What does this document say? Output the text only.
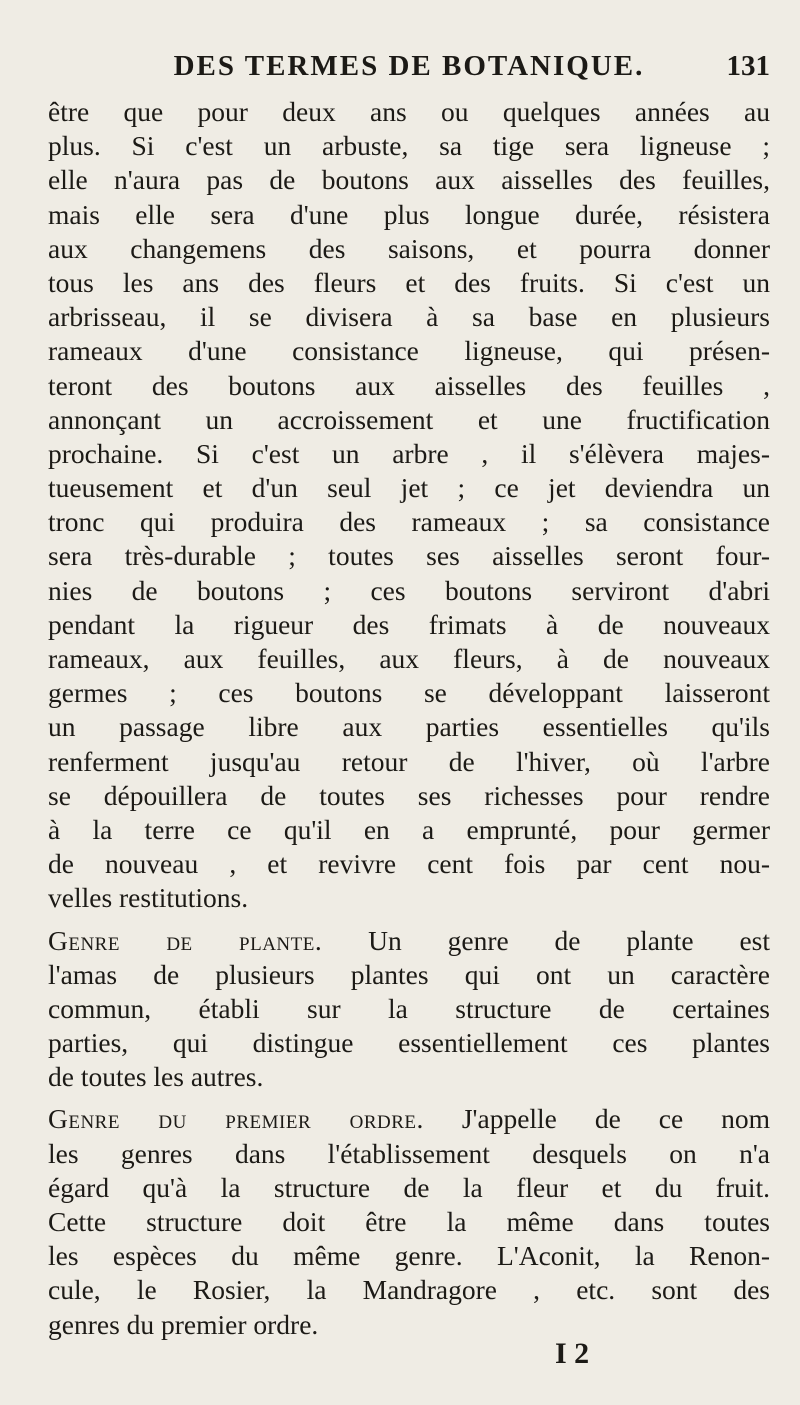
DES TERMES DE BOTANIQUE.	131
être que pour deux ans ou quelques années au
plus. Si c'est un arbuste, sa tige sera ligneuse ;
elle n'aura pas de boutons aux aisselles des feuilles,
mais elle sera d'une plus longue durée, résistera
aux changemens des saisons, et pourra donner
tous les ans des fleurs et des fruits. Si c'est un
arbrisseau, il se divisera à sa base en plusieurs
rameaux d'une consistance ligneuse, qui présen-
teront des boutons aux aisselles des feuilles ,
annonçant un accroissement et une fructification
prochaine. Si c'est un arbre , il s'élèvera majes-
tueusement et d'un seul jet ; ce jet deviendra un
tronc qui produira des rameaux ; sa consistance
sera très-durable ; toutes ses aisselles seront four-
nies de boutons ; ces boutons serviront d'abri
pendant la rigueur des frimats à de nouveaux
rameaux, aux feuilles, aux fleurs, à de nouveaux
germes ; ces boutons se développant laisseront
un passage libre aux parties essentielles qu'ils
renferment jusqu'au retour de l'hiver, où l'arbre
se dépouillera de toutes ses richesses pour rendre
à la terre ce qu'il en a emprunté, pour germer
de nouveau , et revivre cent fois par cent nou-
velles restitutions.
Genre de plante. Un genre de plante est
l'amas de plusieurs plantes qui ont un caractère
commun, établi sur la structure de certaines
parties, qui distingue essentiellement ces plantes
de toutes les autres.
Genre du premier ordre. J'appelle de ce nom
les genres dans l'établissement desquels on n'a
égard qu'à la structure de la fleur et du fruit.
Cette structure doit être la même dans toutes
les espèces du même genre. L'Aconit, la Renon-
cule, le Rosier, la Mandragore , etc. sont des
genres du premier ordre.
I 2
